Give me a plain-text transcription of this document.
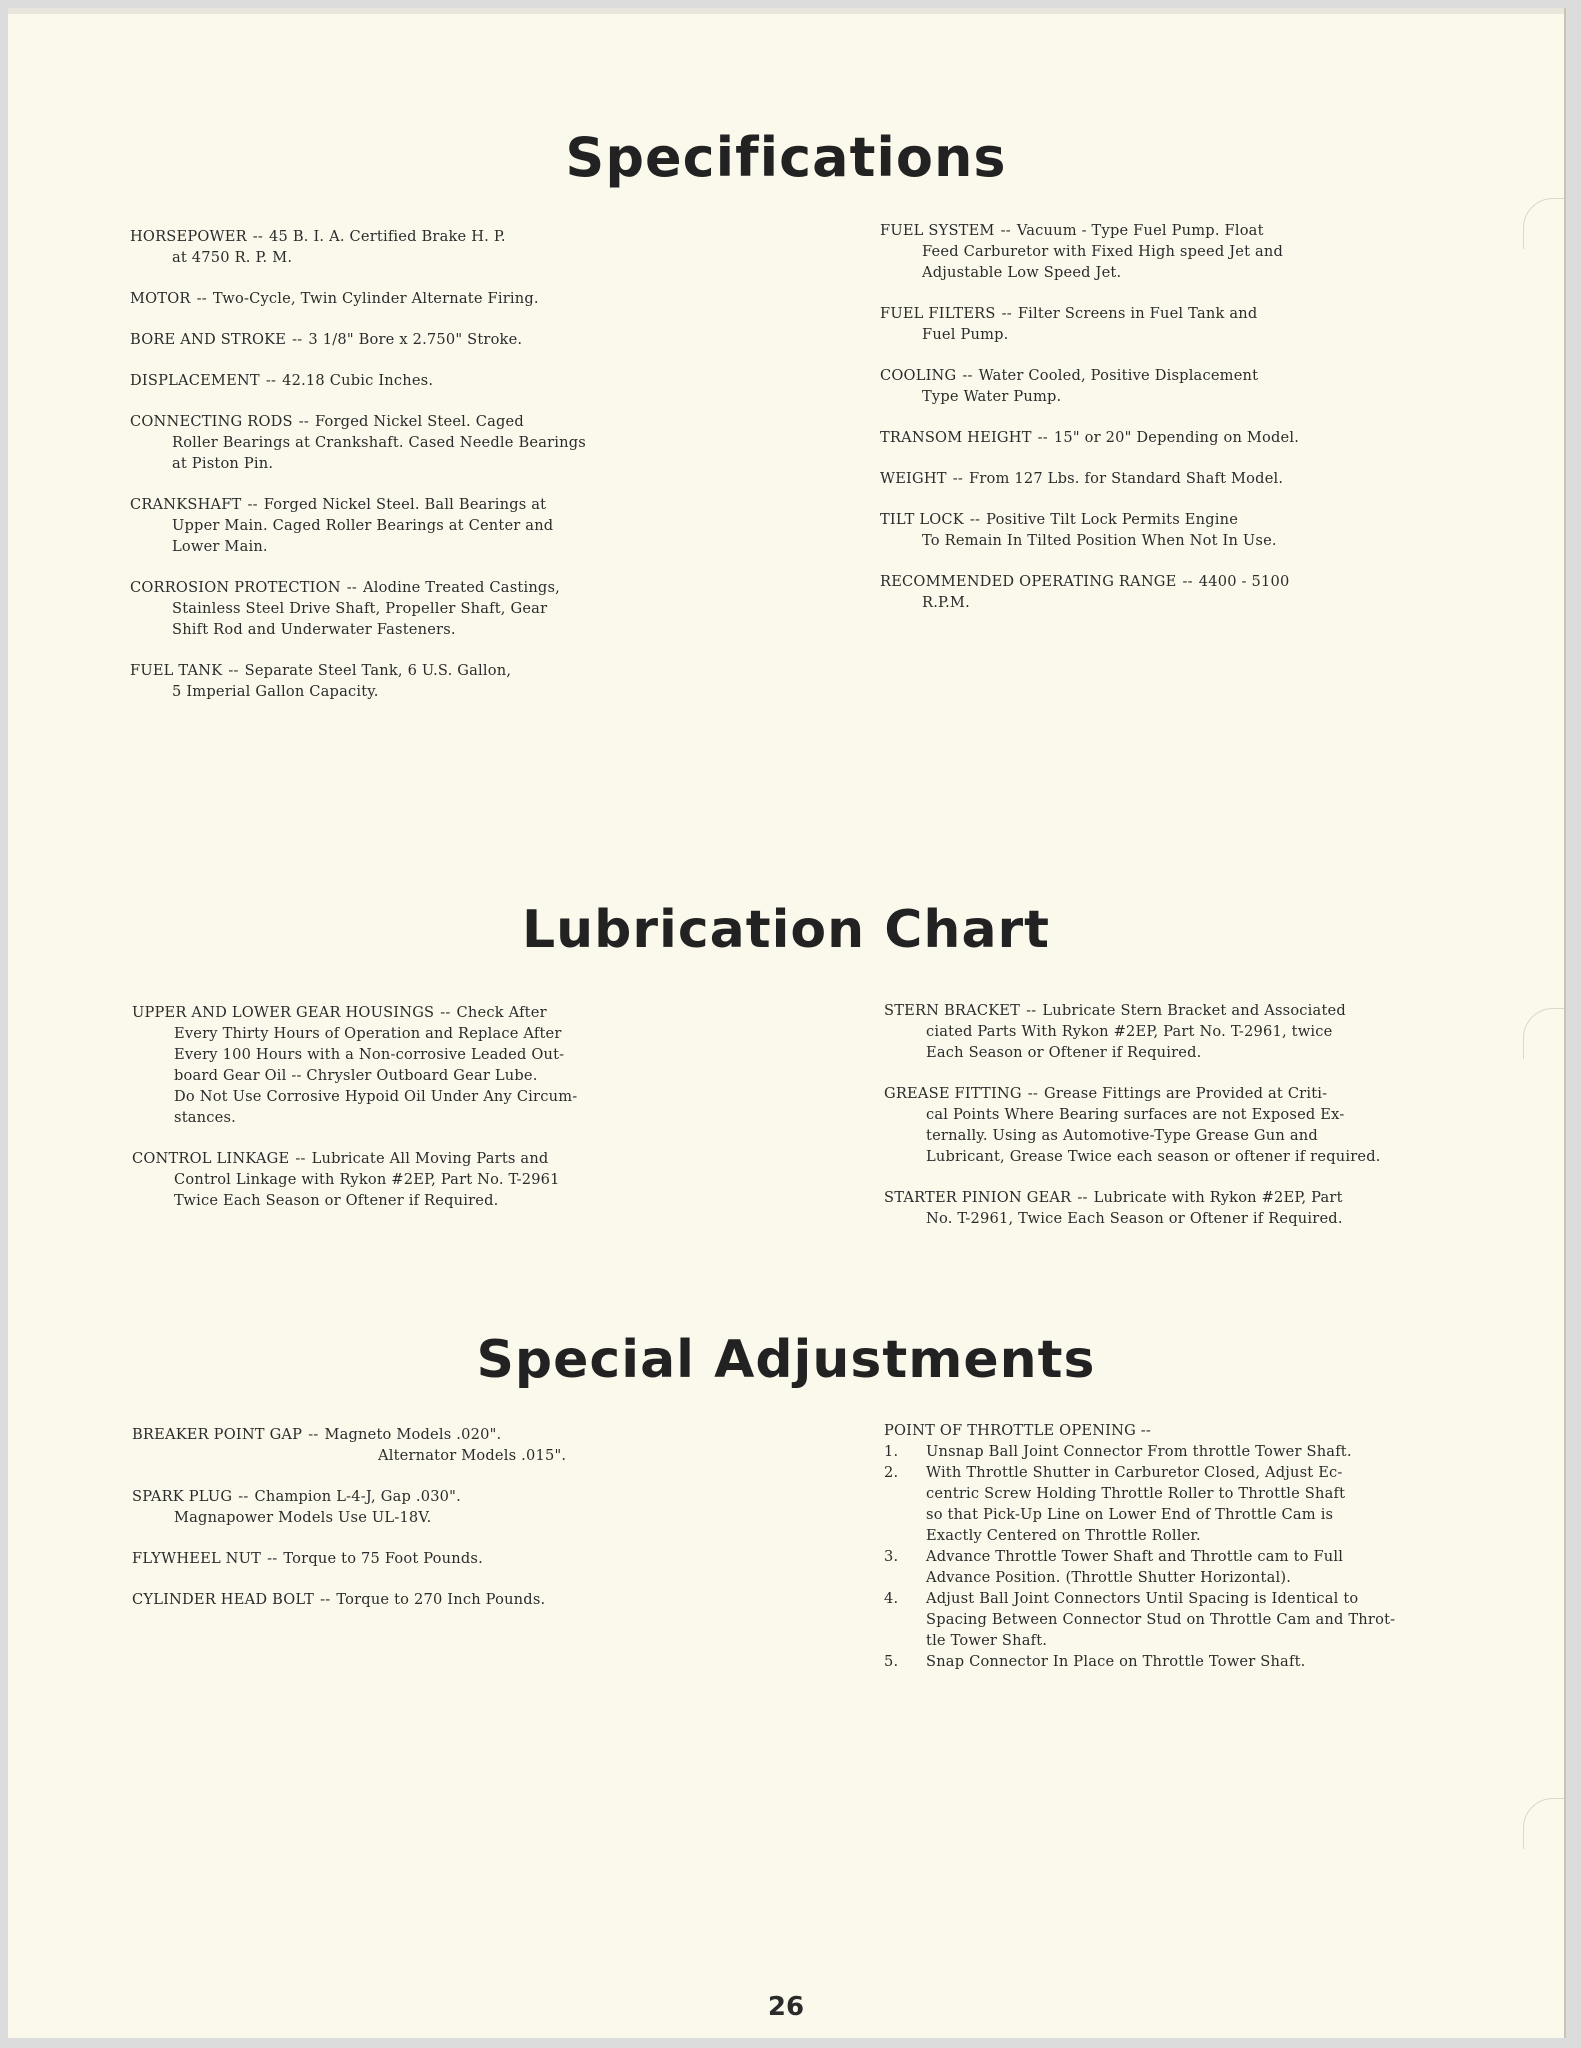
Specifications
HORSEPOWER -- 45 B. I. A. Certified Brake H. P.
at 4750 R. P. M.
MOTOR -- Two-Cycle, Twin Cylinder Alternate Firing.
BORE AND STROKE -- 3 1/8" Bore x 2.750" Stroke.
DISPLACEMENT -- 42.18 Cubic Inches.
CONNECTING RODS -- Forged Nickel Steel. Caged
Roller Bearings at Crankshaft. Cased Needle Bearings
at Piston Pin.
CRANKSHAFT -- Forged Nickel Steel. Ball Bearings at
Upper Main. Caged Roller Bearings at Center and
Lower Main.
CORROSION PROTECTION -- Alodine Treated Castings,
Stainless Steel Drive Shaft, Propeller Shaft, Gear
Shift Rod and Underwater Fasteners.
FUEL TANK -- Separate Steel Tank, 6 U.S. Gallon,
5 Imperial Gallon Capacity.
FUEL SYSTEM -- Vacuum - Type Fuel Pump. Float
Feed Carburetor with Fixed High speed Jet and
Adjustable Low Speed Jet.
FUEL FILTERS -- Filter Screens in Fuel Tank and
Fuel Pump.
COOLING -- Water Cooled, Positive Displacement
Type Water Pump.
TRANSOM HEIGHT -- 15" or 20" Depending on Model.
WEIGHT -- From 127 Lbs. for Standard Shaft Model.
TILT LOCK -- Positive Tilt Lock Permits Engine
To Remain In Tilted Position When Not In Use.
RECOMMENDED OPERATING RANGE -- 4400 - 5100
R.P.M.
Lubrication Chart
UPPER AND LOWER GEAR HOUSINGS -- Check After
Every Thirty Hours of Operation and Replace After
Every 100 Hours with a Non-corrosive Leaded Out-
board Gear Oil -- Chrysler Outboard Gear Lube.
Do Not Use Corrosive Hypoid Oil Under Any Circum-
stances.
CONTROL LINKAGE -- Lubricate All Moving Parts and
Control Linkage with Rykon #2EP, Part No. T-2961
Twice Each Season or Oftener if Required.
STERN BRACKET -- Lubricate Stern Bracket and Associated
ciated Parts With Rykon #2EP, Part No. T-2961, twice
Each Season or Oftener if Required.
GREASE FITTING -- Grease Fittings are Provided at Criti-
cal Points Where Bearing surfaces are not Exposed Ex-
ternally. Using as Automotive-Type Grease Gun and
Lubricant, Grease Twice each season or oftener if required.
STARTER PINION GEAR -- Lubricate with Rykon #2EP, Part
No. T-2961, Twice Each Season or Oftener if Required.
Special Adjustments
BREAKER POINT GAP -- Magneto Models .020".
Alternator Models .015".
SPARK PLUG -- Champion L-4-J, Gap .030".
Magnapower Models Use UL-18V.
FLYWHEEL NUT -- Torque to 75 Foot Pounds.
CYLINDER HEAD BOLT -- Torque to 270 Inch Pounds.
POINT OF THROTTLE OPENING --
1.	Unsnap Ball Joint Connector From throttle Tower Shaft.
2.	With Throttle Shutter in Carburetor Closed, Adjust Ec-
centric Screw Holding Throttle Roller to Throttle Shaft
so that Pick-Up Line on Lower End of Throttle Cam is
Exactly Centered on Throttle Roller.
3.	Advance Throttle Tower Shaft and Throttle cam to Full
Advance Position. (Throttle Shutter Horizontal).
4.	Adjust Ball Joint Connectors Until Spacing is Identical to
Spacing Between Connector Stud on Throttle Cam and Throt-
tle Tower Shaft.
5.	Snap Connector In Place on Throttle Tower Shaft.
26
